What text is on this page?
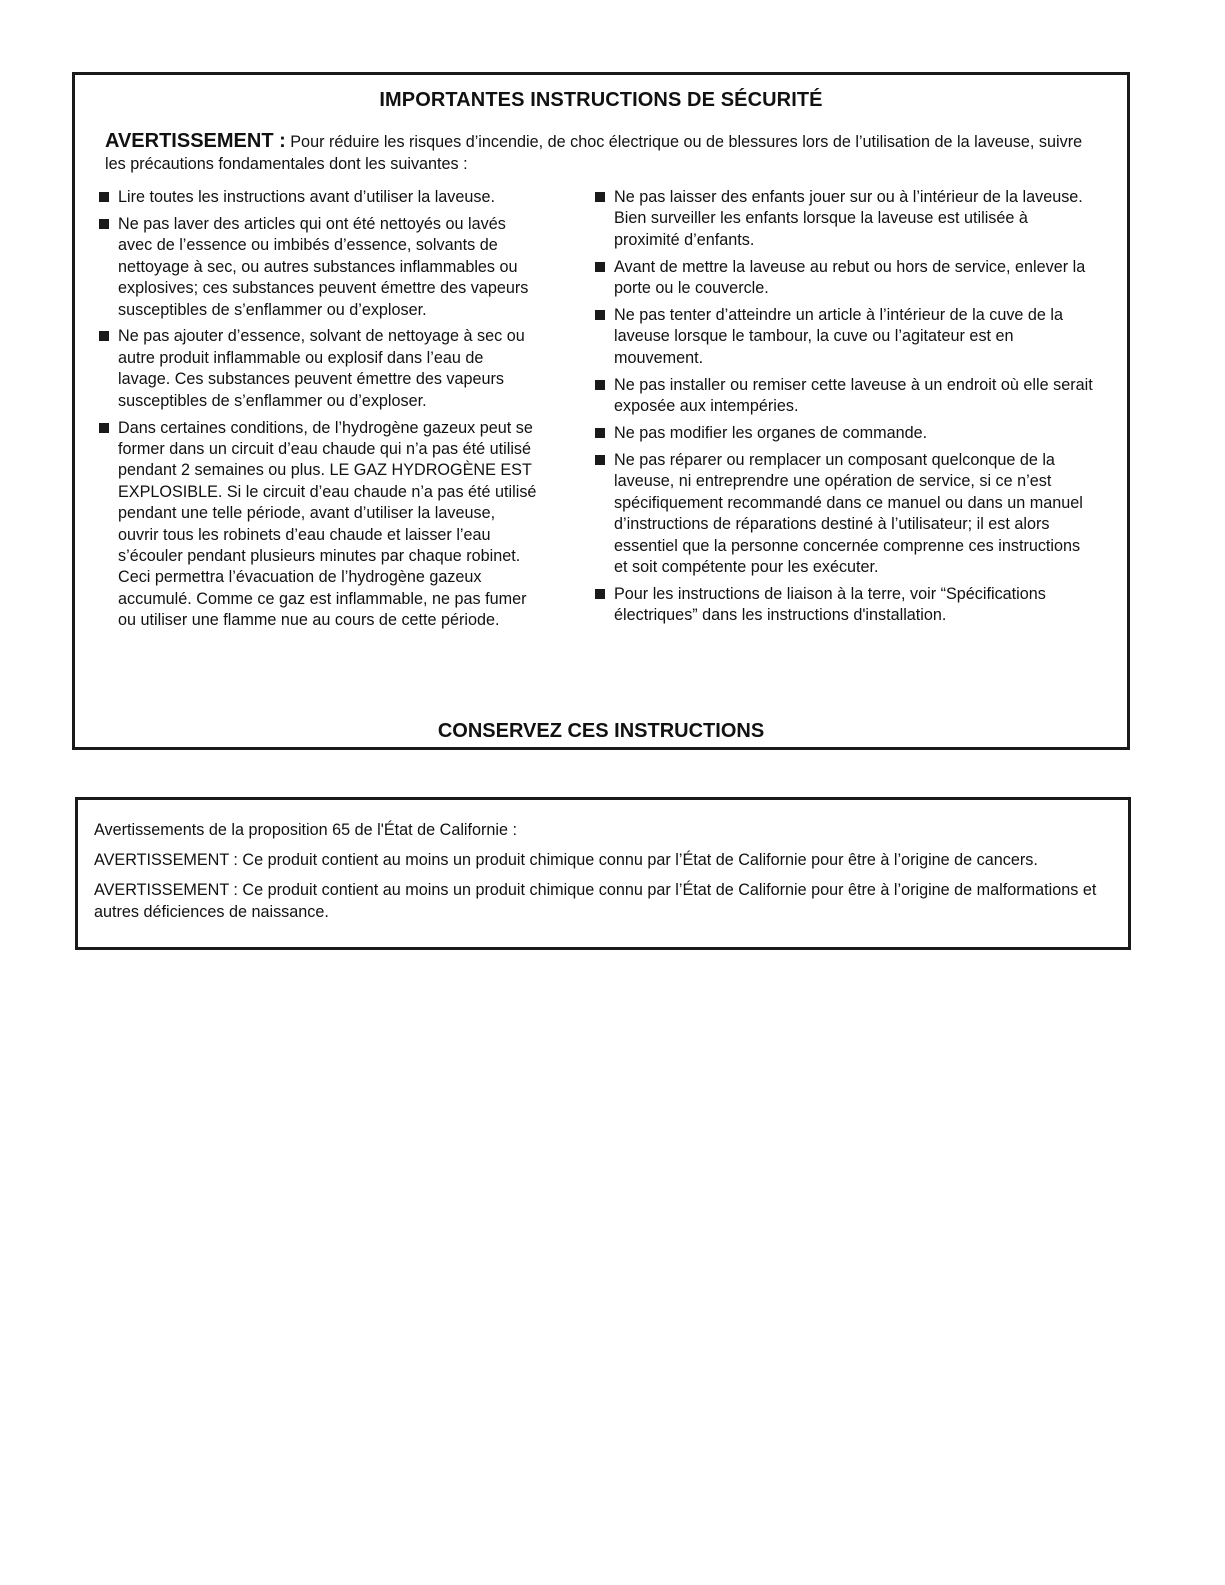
IMPORTANTES INSTRUCTIONS DE SÉCURITÉ
AVERTISSEMENT : Pour réduire les risques d’incendie, de choc électrique ou de blessures lors de l’utilisation de la laveuse, suivre les précautions fondamentales dont les suivantes :
Lire toutes les instructions avant d’utiliser la laveuse.
Ne pas laver des articles qui ont été nettoyés ou lavés avec de l’essence ou imbibés d’essence, solvants de nettoyage à sec, ou autres substances inflammables ou explosives; ces substances peuvent émettre des vapeurs susceptibles de s’enflammer ou d’exploser.
Ne pas ajouter d’essence, solvant de nettoyage à sec ou autre produit inflammable ou explosif dans l’eau de lavage. Ces substances peuvent émettre des vapeurs susceptibles de s’enflammer ou d’exploser.
Dans certaines conditions, de l’hydrogène gazeux peut se former dans un circuit d’eau chaude qui n’a pas été utilisé pendant 2 semaines ou plus. LE GAZ HYDROGÈNE EST EXPLOSIBLE. Si le circuit d’eau chaude n’a pas été utilisé pendant une telle période, avant d’utiliser la laveuse, ouvrir tous les robinets d’eau chaude et laisser l’eau s’écouler pendant plusieurs minutes par chaque robinet. Ceci permettra l’évacuation de l’hydrogène gazeux accumulé. Comme ce gaz est inflammable, ne pas fumer ou utiliser une flamme nue au cours de cette période.
Ne pas laisser des enfants jouer sur ou à l’intérieur de la laveuse. Bien surveiller les enfants lorsque la laveuse est utilisée à proximité d’enfants.
Avant de mettre la laveuse au rebut ou hors de service, enlever la porte ou le couvercle.
Ne pas tenter d’atteindre un article à l’intérieur de la cuve de la laveuse lorsque le tambour, la cuve ou l’agitateur est en mouvement.
Ne pas installer ou remiser cette laveuse à un endroit où elle serait exposée aux intempéries.
Ne pas modifier les organes de commande.
Ne pas réparer ou remplacer un composant quelconque de la laveuse, ni entreprendre une opération de service, si ce n’est spécifiquement recommandé dans ce manuel ou dans un manuel d’instructions de réparations destiné à l’utilisateur; il est alors essentiel que la personne concernée comprenne ces instructions et soit compétente pour les exécuter.
Pour les instructions de liaison à la terre, voir “Spécifications électriques” dans les instructions d'installation.
CONSERVEZ CES INSTRUCTIONS

Avertissements de la proposition 65 de l'État de Californie :

AVERTISSEMENT : Ce produit contient au moins un produit chimique connu par l’État de Californie pour être à l’origine de cancers.

AVERTISSEMENT : Ce produit contient au moins un produit chimique connu par l’État de Californie pour être à l’origine de malformations et autres déficiences de naissance.
